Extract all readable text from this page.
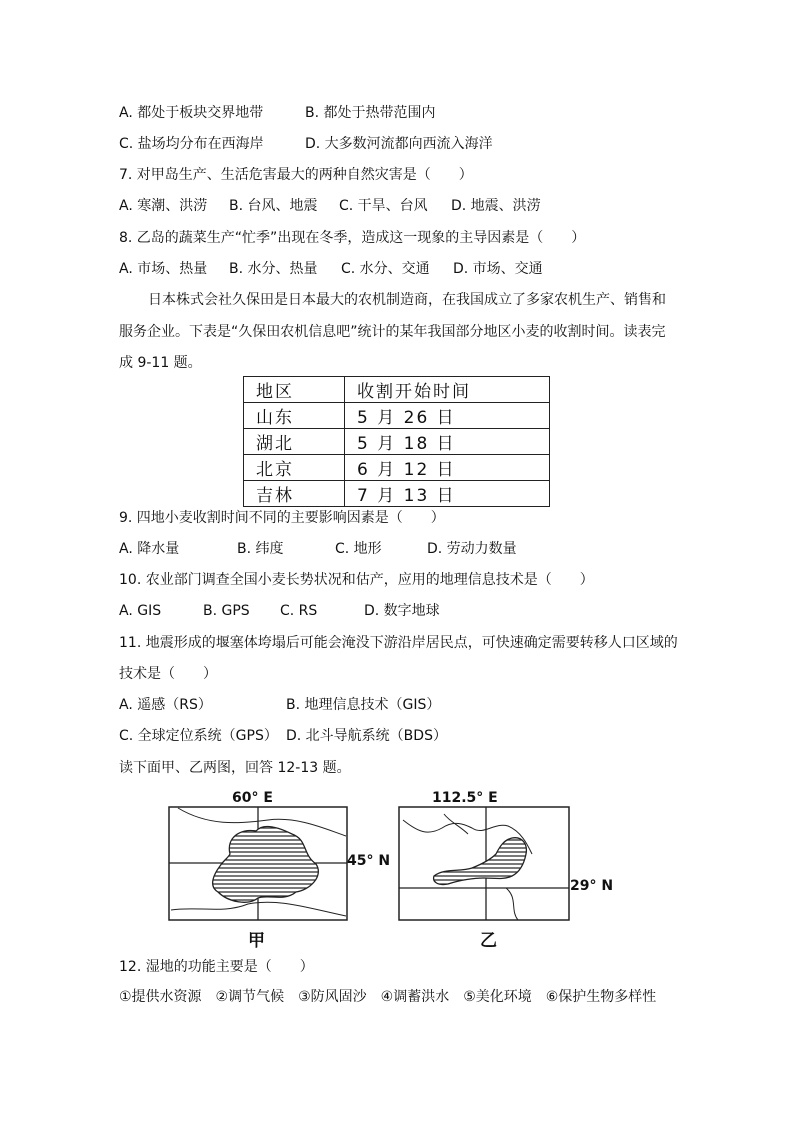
A. 都处于板块交界地带	B. 都处于热带范围内
C. 盐场均分布在西海岸	D. 大多数河流都向西流入海洋
7. 对甲岛生产、生活危害最大的两种自然灾害是（　　）
A. 寒潮、洪涝 B. 台风、地震 C. 干旱、台风 D. 地震、洪涝
8. 乙岛的蔬菜生产“忙季”出现在冬季，造成这一现象的主导因素是（　　）
A. 市场、热量 B. 水分、热量 C. 水分、交通 D. 市场、交通
日本株式会社久保田是日本最大的农机制造商，在我国成立了多家农机生产、销售和
服务企业。下表是“久保田农机信息吧”统计的某年我国部分地区小麦的收割时间。读表完
成 9-11 题。
地区	收割开始时间
山东	5 月 26 日
湖北	5 月 18 日
北京	6 月 12 日
吉林	7 月 13 日
9. 四地小麦收割时间不同的主要影响因素是（　　）
A. 降水量	B. 纬度	C. 地形	D. 劳动力数量
10. 农业部门调查全国小麦长势状况和估产，应用的地理信息技术是（　　）
A. GIS	B. GPS C. RS	D. 数字地球
11. 地震形成的堰塞体垮塌后可能会淹没下游沿岸居民点，可快速确定需要转移人口区域的
技术是（　　）
A. 遥感（RS）	B. 地理信息技术（GIS）
C. 全球定位系统（GPS） D. 北斗导航系统（BDS）
读下面甲、乙两图，回答 12-13 题。
60° E
45° N
甲
112.5° E
29° N
乙
12. 湿地的功能主要是（　　）
①提供水资源　②调节气候　③防风固沙　④调蓄洪水　⑤美化环境　⑥保护生物多样性
